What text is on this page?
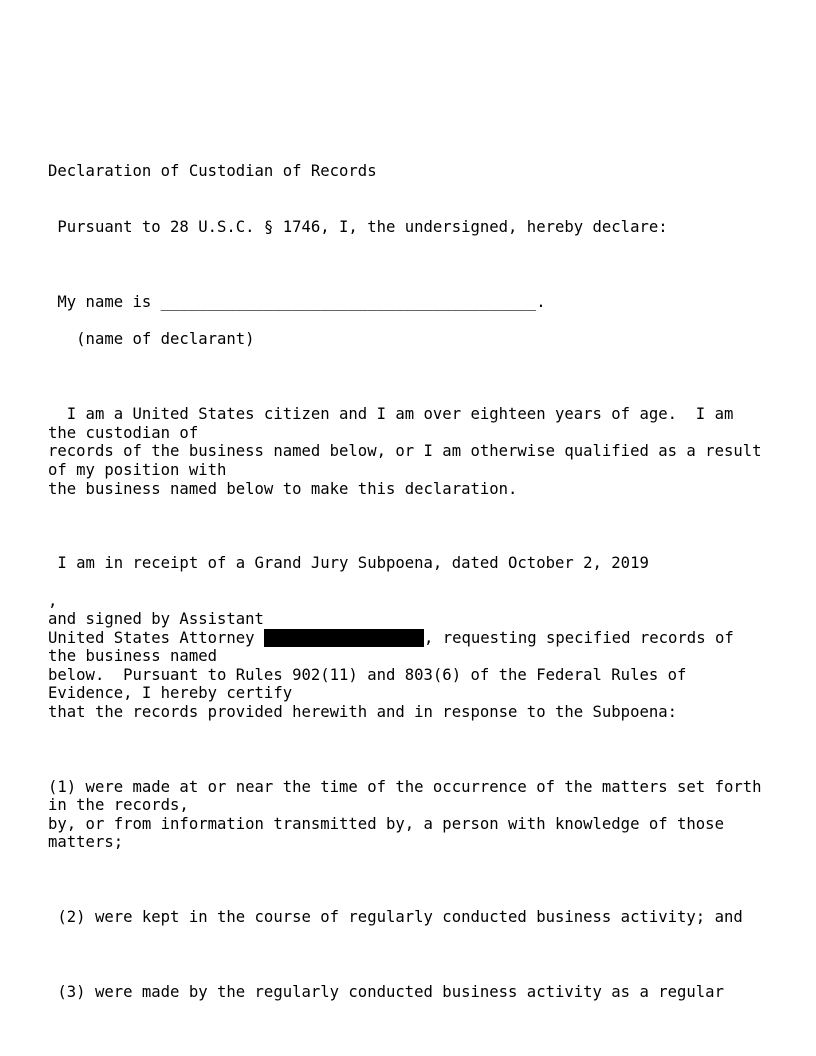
Declaration of Custodian of Records

Pursuant to 28 U.S.C. § 1746, I, the undersigned, hereby declare:

My name is ________________________________________.

(name of declarant)

I am a United States citizen and I am over eighteen years of age.  I am

the custodian of

records of the business named below, or I am otherwise qualified as a result

of my position with

the business named below to make this declaration.

I am in receipt of a Grand Jury Subpoena, dated October 2, 2019

,

and signed by Assistant

United States Attorney	, requesting specified records of

the business named

below.  Pursuant to Rules 902(11) and 803(6) of the Federal Rules of

Evidence, I hereby certify

that the records provided herewith and in response to the Subpoena:

(1) were made at or near the time of the occurrence of the matters set forth

in the records,

by, or from information transmitted by, a person with knowledge of those

matters;

(2) were kept in the course of regularly conducted business activity; and

(3) were made by the regularly conducted business activity as a regular
